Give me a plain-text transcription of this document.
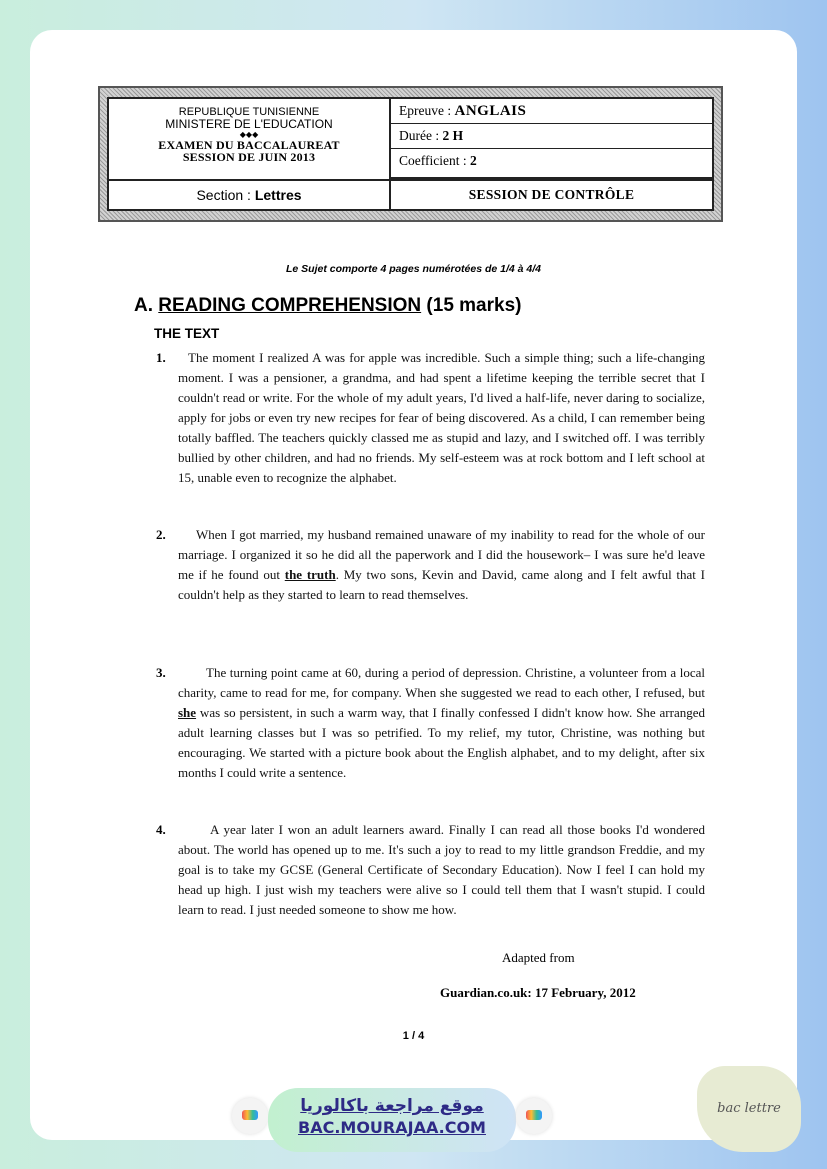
REPUBLIQUE TUNISIENNE
MINISTERE DE L'EDUCATION
◆◆◆
EXAMEN DU BACCALAUREAT
SESSION DE JUIN 2013
Epreuve : ANGLAIS
Durée : 2 H
Coefficient : 2
Section : Lettres	SESSION DE CONTRÔLE
Le Sujet comporte 4 pages numérotées de 1/4 à 4/4
A. READING COMPREHENSION (15 marks)
THE TEXT
1.	The moment I realized A was for apple was incredible. Such a simple thing; such a life-changing moment. I was a pensioner, a grandma, and had spent a lifetime keeping the terrible secret that I couldn't read or write. For the whole of my adult years, I'd lived a half-life, never daring to socialize, apply for jobs or even try new recipes for fear of being discovered. As a child, I can remember being totally baffled. The teachers quickly classed me as stupid and lazy, and I switched off. I was terribly bullied by other children, and had no friends. My self-esteem was at rock bottom and I left school at 15, unable even to recognize the alphabet.
2.	When I got married, my husband remained unaware of my inability to read for the whole of our marriage. I organized it so he did all the paperwork and I did the housework– I was sure he'd leave me if he found out the truth. My two sons, Kevin and David, came along and I felt awful that I couldn't help as they started to learn to read themselves.
3.	The turning point came at 60, during a period of depression. Christine, a volunteer from a local charity, came to read for me, for company. When she suggested we read to each other, I refused, but she was so persistent, in such a warm way, that I finally confessed I didn't know how. She arranged adult learning classes but I was so petrified. To my relief, my tutor, Christine, was nothing but encouraging. We started with a picture book about the English alphabet, and to my delight, after six months I could write a sentence.
4.	A year later I won an adult learners award. Finally I can read all those books I'd wondered about. The world has opened up to me. It's such a joy to read to my little grandson Freddie, and my goal is to take my GCSE (General Certificate of Secondary Education). Now I feel I can hold my head up high. I just wish my teachers were alive so I could tell them that I wasn't stupid. I could learn to read. I just needed someone to show me how.
Adapted from
Guardian.co.uk: 17 February, 2012
1 / 4
موقع مراجعة باكالوريا
BAC.MOURAJAA.COM
bac lettre
